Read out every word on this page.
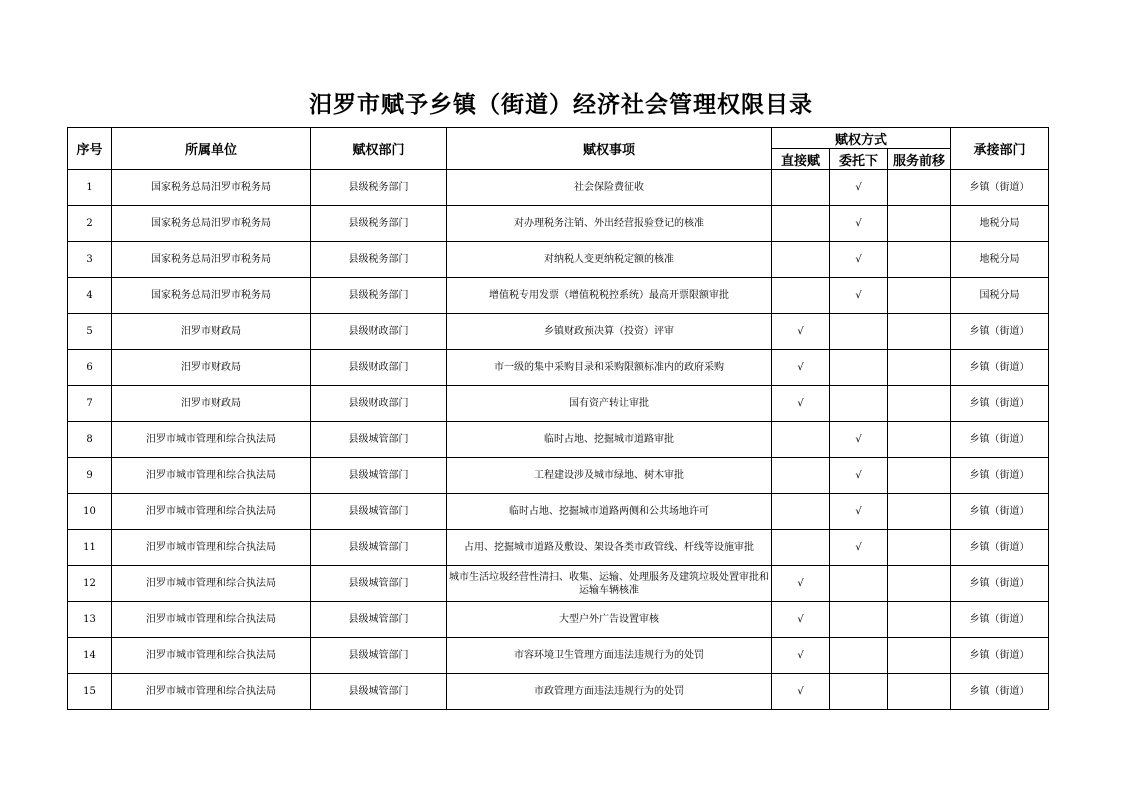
汨罗市赋予乡镇（街道）经济社会管理权限目录
序号	所属单位	赋权部门	赋权事项	赋权方式			承接部门
				直接赋	委托下	服务前移	
1	国家税务总局汨罗市税务局	县级税务部门	社会保险费征收		√		乡镇（街道）
2	国家税务总局汨罗市税务局	县级税务部门	对办理税务注销、外出经营报验登记的核准		√		地税分局
3	国家税务总局汨罗市税务局	县级税务部门	对纳税人变更纳税定额的核准		√		地税分局
4	国家税务总局汨罗市税务局	县级税务部门	增值税专用发票（增值税税控系统）最高开票限额审批		√		国税分局
5	汨罗市财政局	县级财政部门	乡镇财政预决算（投资）评审	√			乡镇（街道）
6	汨罗市财政局	县级财政部门	市一级的集中采购目录和采购限额标准内的政府采购	√			乡镇（街道）
7	汨罗市财政局	县级财政部门	国有资产转让审批	√			乡镇（街道）
8	汨罗市城市管理和综合执法局	县级城管部门	临时占地、挖掘城市道路审批		√		乡镇（街道）
9	汨罗市城市管理和综合执法局	县级城管部门	工程建设涉及城市绿地、树木审批		√		乡镇（街道）
10	汨罗市城市管理和综合执法局	县级城管部门	临时占地、挖掘城市道路两侧和公共场地许可		√		乡镇（街道）
11	汨罗市城市管理和综合执法局	县级城管部门	占用、挖掘城市道路及敷设、架设各类市政管线、杆线等设施审批		√		乡镇（街道）
12	汨罗市城市管理和综合执法局	县级城管部门	城市生活垃圾经营性清扫、收集、运输、处理服务及建筑垃圾处置审批和运输车辆核准	√			乡镇（街道）
13	汨罗市城市管理和综合执法局	县级城管部门	大型户外广告设置审核	√			乡镇（街道）
14	汨罗市城市管理和综合执法局	县级城管部门	市容环境卫生管理方面违法违规行为的处罚	√			乡镇（街道）
15	汨罗市城市管理和综合执法局	县级城管部门	市政管理方面违法违规行为的处罚	√			乡镇（街道）
